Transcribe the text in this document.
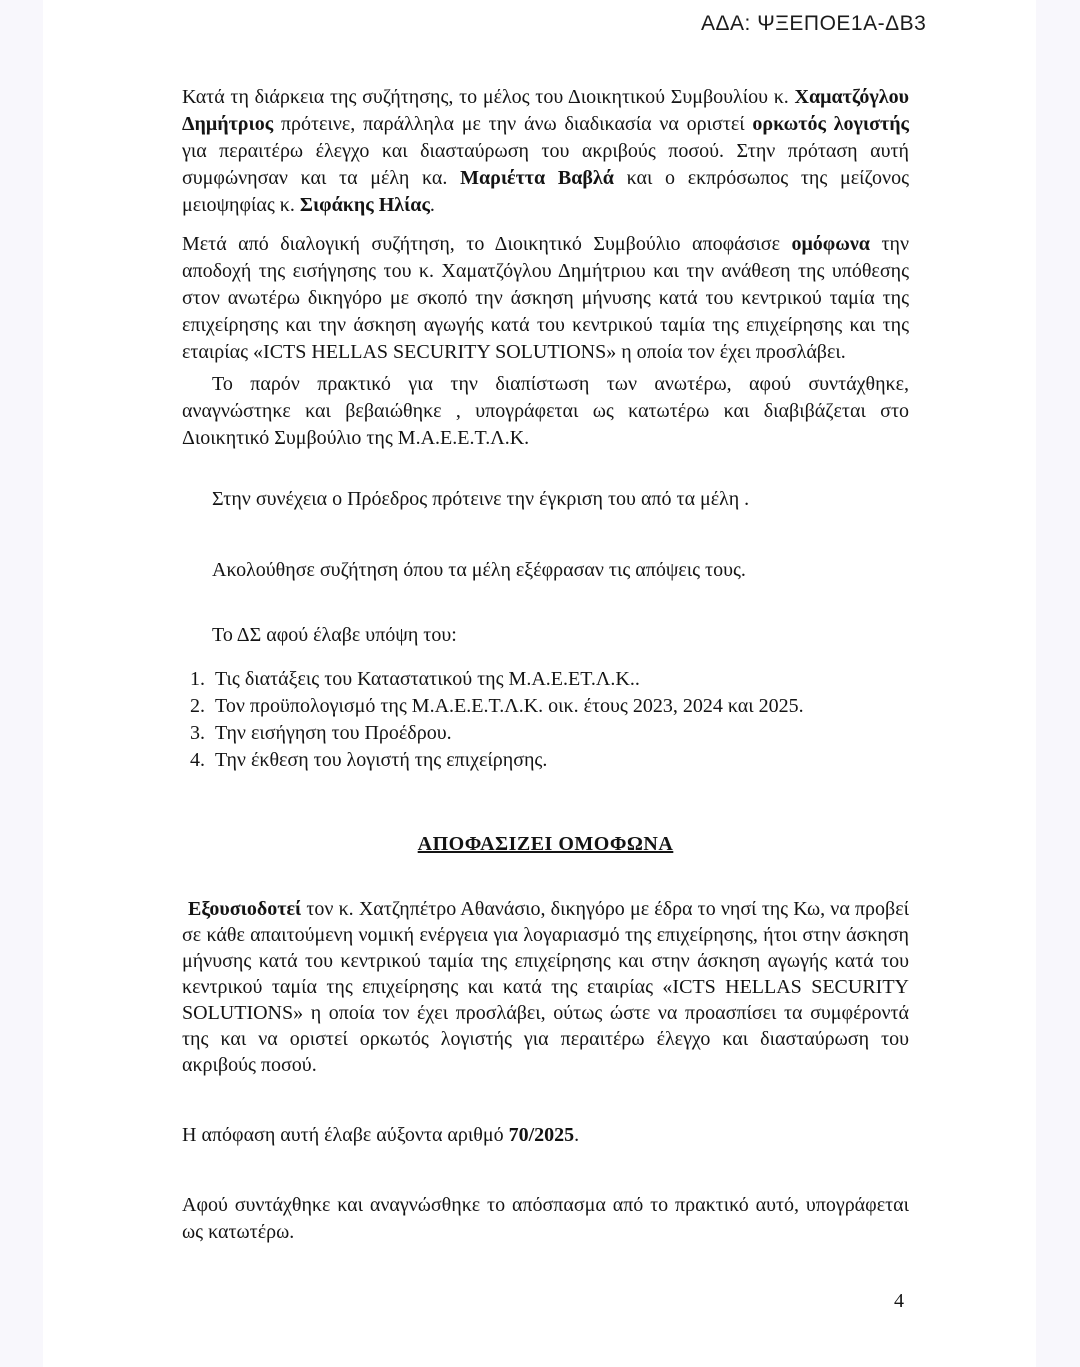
ΑΔΑ: ΨΞΕΠΟΕ1Α-ΔΒ3

Κατά τη διάρκεια της συζήτησης, το μέλος του Διοικητικού Συμβουλίου κ. Χαματζόγλου Δημήτριος πρότεινε, παράλληλα με την άνω διαδικασία να οριστεί ορκωτός λογιστής για περαιτέρω έλεγχο και διασταύρωση του ακριβούς ποσού. Στην πρόταση αυτή συμφώνησαν και τα μέλη κα. Μαριέττα Βαβλά και ο εκπρόσωπος της μείζονος μειοψηφίας κ. Σιφάκης Ηλίας.

Μετά από διαλογική συζήτηση, το Διοικητικό Συμβούλιο αποφάσισε ομόφωνα την αποδοχή της εισήγησης του κ. Χαματζόγλου Δημήτριου και την ανάθεση της υπόθεσης στον ανωτέρω δικηγόρο με σκοπό την άσκηση μήνυσης κατά του κεντρικού ταμία της επιχείρησης και την άσκηση αγωγής κατά του κεντρικού ταμία της επιχείρησης και της εταιρίας «ICTS HELLAS SECURITY SOLUTIONS» η οποία τον έχει προσλάβει.

Το παρόν πρακτικό για την διαπίστωση των ανωτέρω, αφού συντάχθηκε, αναγνώστηκε και βεβαιώθηκε , υπογράφεται ως κατωτέρω και διαβιβάζεται στο Διοικητικό Συμβούλιο της Μ.Α.Ε.Ε.Τ.Λ.Κ.

Στην συνέχεια ο Πρόεδρος πρότεινε την έγκριση του από τα μέλη .

Ακολούθησε συζήτηση όπου τα μέλη εξέφρασαν τις απόψεις τους.

Το ΔΣ αφού έλαβε υπόψη του:

1. Τις διατάξεις του Καταστατικού της Μ.Α.Ε.ΕΤ.Λ.Κ..
2. Τον προϋπολογισμό της Μ.Α.Ε.Ε.Τ.Λ.Κ. οικ. έτους 2023, 2024 και 2025.
3. Την εισήγηση του Προέδρου.
4. Την έκθεση του λογιστή της επιχείρησης.

ΑΠΟΦΑΣΙΖΕΙ ΟΜΟΦΩΝΑ

Εξουσιοδοτεί τον κ. Χατζηπέτρο Αθανάσιο, δικηγόρο με έδρα το νησί της Κω, να προβεί σε κάθε απαιτούμενη νομική ενέργεια για λογαριασμό της επιχείρησης, ήτοι στην άσκηση μήνυσης κατά του κεντρικού ταμία της επιχείρησης και στην άσκηση αγωγής κατά του κεντρικού ταμία της επιχείρησης και κατά της εταιρίας «ICTS HELLAS SECURITY SOLUTIONS» η οποία τον έχει προσλάβει, ούτως ώστε να προασπίσει τα συμφέροντά της και να οριστεί ορκωτός λογιστής για περαιτέρω έλεγχο και διασταύρωση του ακριβούς ποσού.

Η απόφαση αυτή έλαβε αύξοντα αριθμό 70/2025.

Αφού συντάχθηκε και αναγνώσθηκε το απόσπασμα από το πρακτικό αυτό, υπογράφεται ως κατωτέρω.

4
